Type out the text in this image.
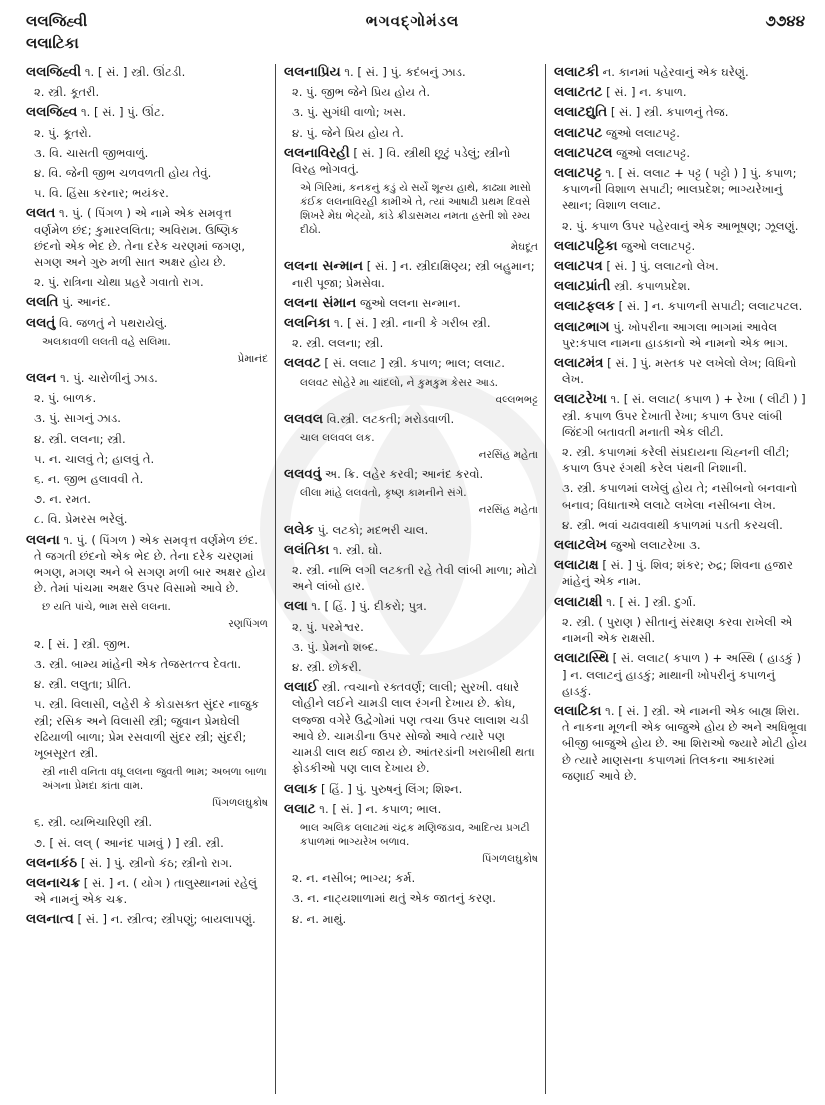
લલજિહ્વી
લલાટિકા
ભગવદ્ગોમંડલ	૭૭૪૪
લલજિહ્વી ૧. [ સં. ] સ્ત્રી. ઊંટડી.
૨. સ્ત્રી. કૂતરી.
લલજિહ્વ ૧. [ સં. ] પું. ઊંટ.
૨. પું. કૂતરો.
૩. વિ. ચાસતી જીભવાળું.
૪. વિ. જેની જીભ ચળવળતી હોય તેવું.
૫. વિ. હિંસા કરનાર; ભયંકર.
લલત ૧. પું. ( પિંગળ ) એ નામે એક સમવૃત્ત વર્ણમેળ છંદ; કુમારલલિતા; અવિરામ. ઉષ્ણિક છંદનો એક ભેદ છે. તેના દરેક ચરણમાં જગણ, સગણ અને ગુરુ મળી સાત અક્ષર હોય છે.
૨. પું. રાત્રિના ચોથા પ્રહરે ગવાતો રાગ.
લલતિ પું. આનંદ.
લલતું વિ. જળતું ને પથરાયેલું.
અલકાવળી લલતી વહે સલિમા.
પ્રેમાનંદ
લલન ૧. પું. ચારોળીનું ઝાડ.
૨. પું. બાળક.
૩. પું. સાગનું ઝાડ.
૪. સ્ત્રી. લલના; સ્ત્રી.
૫. ન. ચાલવું તે; હાલવું તે.
૬. ન. જીભ હલાવવી તે.
૭. ન. રમત.
૮. વિ. પ્રેમરસ ભરેલું.
લલના ૧. પું. ( પિંગળ ) એક સમવૃત્ત વર્ણમેળ છંદ. તે જગતી છંદનો એક ભેદ છે. તેના દરેક ચરણમાં ભગણ, મગણ અને બે સગણ મળી બાર અક્ષર હોય છે. તેમાં પાંચમા અક્ષર ઉપર વિસામો આવે છે.
છ યતિ પાંચે, ભામ સસે લલના.
રણપિંગળ
૨. [ સં. ] સ્ત્રી. જીભ.
૩. સ્ત્રી. બામ્ય માંહેની એક તેજસ્તત્ત્વ દેવતા.
૪. સ્ત્રી. લલુતા; પ્રીતિ.
૫. સ્ત્રી. વિલાસી, લહેરી કે કોડાસક્ત સુંદર નાજુક સ્ત્રી; રસિક અને વિલાસી સ્ત્રી; જુવાન પ્રેમઘેલી રઢિયાળી બાળા; પ્રેમ રસવાળી સુંદર સ્ત્રી; સુંદરી; ખૂબસૂરત સ્ત્રી.
સ્ત્રી નારી વનિતા વધૂ લલના જુવતી ભામ; અબળા બાળા અંગના પ્રેમદા કાંતા વામ.
પિંગળલઘુકોષ
૬. સ્ત્રી. વ્યભિચારિણી સ્ત્રી.
૭. [ સં. લલ્ ( આનંદ પામવું ) ] સ્ત્રી. સ્ત્રી.
લલનાકંઠ [ સં. ] પું. સ્ત્રીનો કંઠ; સ્ત્રીનો રાગ.
લલનાચક્ર [ સં. ] ન. ( યોગ ) તાલુસ્થાનમાં રહેલું એ નામનું એક ચક્ર.
લલનાત્વ [ સં. ] ન. સ્ત્રીત્વ; સ્ત્રીપણું; બાયલાપણું.
લલનાપ્રિય ૧. [ સં. ] પું. કદંબનું ઝાડ.
૨. પું. જીભ જેને પ્રિય હોય તે.
૩. પું. સુગંધી વાળો; ખસ.
૪. પું. જેને પ્રિય હોય તે.
લલનાવિરહી [ સં. ] વિ. સ્ત્રીથી છૂટું પડેલું; સ્ત્રીનો વિરહ ભોગવતું.
એ ગિરિમાં, કનકનું કડું યે સર્યે શૂન્ય હાથે, કાઢ્યા માસો કંઈક લલનાવિરહી કામીએ તે, ત્યાં આષાઢી પ્રથમ દિવસે શિખરે મેઘ ભેટ્યો, કાંડે ક્રીડાસમય નમતા હસ્તી શો રમ્ય દીઠો.
મેઘદૂત
લલના સન્માન [ સં. ] ન. સ્ત્રીદાક્ષિણ્ય; સ્ત્રી બહુમાન; નારી પૂજા; પ્રેમસેવા.
લલના સંમાન જુઓ લલના સન્માન.
લલનિકા ૧. [ સં. ] સ્ત્રી. નાની કે ગરીબ સ્ત્રી.
૨. સ્ત્રી. લલના; સ્ત્રી.
લલવટ [ સં. લલાટ ] સ્ત્રી. કપાળ; ભાલ; લલાટ.
લલવટ સોહેરે મા ચાંદલો, ને કુમકુમ કેસર આડ.
વલ્લભભટ્ટ
લલવલ વિ.સ્ત્રી. લટકતી; મરોડવાળી.
ચાલ લલવલ લક.
નરસિંહ મહેતા
લલવવું અ. ક્રિ. લહેર કરવી; આનંદ કરવો.
લીલા માંહે લલવતો, કૃષ્ણ કામનીને સંગે.
નરસિંહ મહેતા
લલેક પું. લટકો; મદભરી ચાલ.
લલંતિકા ૧. સ્ત્રી. ઘો.
૨. સ્ત્રી. નાભિ લગી લટકતી રહે તેવી લાંબી માળા; મોટો અને લાંબો હાર.
લલા ૧. [ હિં. ] પું. દીકરો; પુત્ર.
૨. પું. પરમેશ્વર.
૩. પું. પ્રેમનો શબ્દ.
૪. સ્ત્રી. છોકરી.
લલાઈ સ્ત્રી. ત્વચાનો રક્તવર્ણ; લાલી; સુરખી. વધારે લોહીને લઈને ચામડી લાલ રંગની દેખાય છે. ક્રોધ, લજ્જા વગેરે ઉદ્વેગોમાં પણ ત્વચા ઉપર લાલાશ ચડી આવે છે. ચામડીના ઉપર સોજો આવે ત્યારે પણ ચામડી લાલ થઈ જાય છે. આંતરડાંની ખરાબીથી થતા ફોડકીઓ પણ લાલ દેખાય છે.
લલાક [ હિં. ] પું. પુરુષનું લિંગ; શિશ્ન.
લલાટ ૧. [ સં. ] ન. કપાળ; ભાલ.
ભાલ અલિક લલાટમાં ચંદ્રક મણિજડાવ, આદિત્ય પ્રગટી કપાળમાં ભાગ્યરેખ બળાવ.
પિંગળલઘુકોષ
૨. ન. નસીબ; ભાગ્ય; કર્મ.
૩. ન. નાટ્યશાળામાં થતું એક જાતનું કરણ.
૪. ન. માથું.
લલાટકી ન. કાનમાં પહેરવાનું એક ઘરેણું.
લલાટતટ [ સં. ] ન. કપાળ.
લલાટદ્યુતિ [ સં. ] સ્ત્રી. કપાળનું તેજ.
લલાટપટ જુઓ લલાટપટ્ટ.
લલાટપટલ જુઓ લલાટપટ્ટ.
લલાટપટ્ટ ૧. [ સં. લલાટ + પટ્ટ ( પટ્ટો ) ] પું. કપાળ; કપાળની વિશાળ સપાટી; ભાલપ્રદેશ; ભાગ્યરેખાનું સ્થાન; વિશાળ લલાટ.
૨. પું. કપાળ ઉપર પહેરવાનું એક આભૂષણ; ઝૂલણું.
લલાટપટ્ટિકા જુઓ લલાટપટ્ટ.
લલાટપત્ર [ સં. ] પું. લલાટનો લેખ.
લલાટપ્રાંતી સ્ત્રી. કપાળપ્રદેશ.
લલાટફલક [ સં. ] ન. કપાળની સપાટી; લલાટપટલ.
લલાટભાગ પું. ખોપરીના આગલા ભાગમાં આવેલ પુર:કપાલ નામના હાડકાનો એ નામનો એક ભાગ.
લલાટમંત્ર [ સં. ] પું. મસ્તક પર લખેલો લેખ; વિધિનો લેખ.
લલાટરેખા ૧. [ સં. લલાટ( કપાળ ) + રેખા ( લીટી ) ] સ્ત્રી. કપાળ ઉપર દેખાતી રેખા; કપાળ ઉપર લાંબી જિંદગી બતાવતી મનાતી એક લીટી.
૨. સ્ત્રી. કપાળમાં કરેલી સંપ્રદાયના ચિહ્નની લીટી; કપાળ ઉપર રંગથી કરેલ પંથની નિશાની.
૩. સ્ત્રી. કપાળમાં લખેલું હોય તે; નસીબનો બનવાનો બનાવ; વિધાતાએ લલાટે લખેલા નસીબના લેખ.
૪. સ્ત્રી. ભવાં ચઢાવવાથી કપાળમાં પડતી કરચલી.
લલાટલેખ જુઓ લલાટરેખા ૩.
લલાટાક્ષ [ સં. ] પું. શિવ; શંકર; રુદ્ર; શિવના હજાર માંહેનું એક નામ.
લલાટાક્ષી ૧. [ સં. ] સ્ત્રી. દુર્ગા.
૨. સ્ત્રી. ( પુરાણ ) સીતાનું સંરક્ષણ કરવા રાખેલી એ નામની એક રાક્ષસી.
લલાટાસ્થિ [ સં. લલાટ( કપાળ ) + અસ્થિ ( હાડકું ) ] ન. લલાટનું હાડકું; માથાની ખોપરીનું કપાળનું હાડકું.
લલાટિકા ૧. [ સં. ] સ્ત્રી. એ નામની એક બાહ્ય શિરા. તે નાકના મૂળની એક બાજુએ હોય છે અને અધિભ્રૂવા બીજી બાજુએ હોય છે. આ શિરાઓ જ્યારે મોટી હોય છે ત્યારે માણસના કપાળમાં તિલકના આકારમાં જણાઈ આવે છે.
